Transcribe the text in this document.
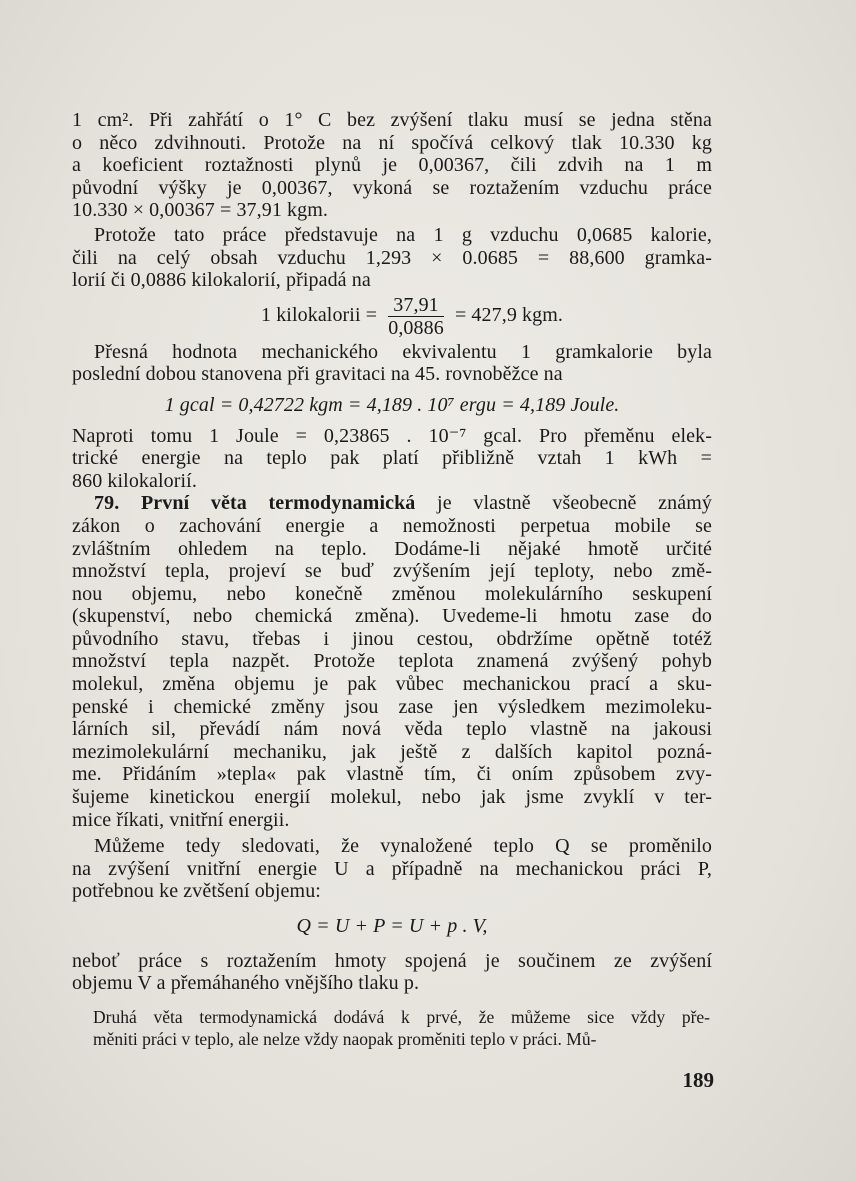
1 cm². Při zahřátí o 1° C bez zvýšení tlaku musí se jedna stěna
o něco zdvihnouti. Protože na ní spočívá celkový tlak 10.330 kg
a koeficient roztažnosti plynů je 0,00367, čili zdvih na 1 m
původní výšky je 0,00367, vykoná se roztažením vzduchu práce
10.330 × 0,00367 = 37,91 kgm.
Protože tato práce představuje na 1 g vzduchu 0,0685 kalorie,
čili na celý obsah vzduchu 1,293 × 0.0685 = 88,600 gramka-
lorií či 0,0886 kilokalorií, připadá na
1 kilokalorii = $\frac{37,91}{0,0886} = 427,9$ kgm.
Přesná hodnota mechanického ekvivalentu 1 gramkalorie byla
poslední dobou stanovena při gravitaci na 45. rovnoběžce na
1 gcal = 0,42722 kgm = 4,189 . 10⁷ ergu = 4,189 Joule.
Naproti tomu 1 Joule = 0,23865 . 10⁻⁷ gcal. Pro přeměnu elek-
trické energie na teplo pak platí přibližně vztah 1 kWh =
860 kilokalorií.
79. První věta termodynamická je vlastně všeobecně známý
zákon o zachování energie a nemožnosti perpetua mobile se
zvláštním ohledem na teplo. Dodáme-li nějaké hmotě určité
množství tepla, projeví se buď zvýšením její teploty, nebo změ-
nou objemu, nebo konečně změnou molekulárního seskupení
(skupenství, nebo chemická změna). Uvedeme-li hmotu zase do
původního stavu, třebas i jinou cestou, obdržíme opětně totéž
množství tepla nazpět. Protože teplota znamená zvýšený pohyb
molekul, změna objemu je pak vůbec mechanickou prací a sku-
penské i chemické změny jsou zase jen výsledkem mezimoleku-
lárních sil, převádí nám nová věda teplo vlastně na jakousi
mezimolekulární mechaniku, jak ještě z dalších kapitol pozná-
me. Přidáním »tepla« pak vlastně tím, či oním způsobem zvy-
šujeme kinetickou energií molekul, nebo jak jsme zvyklí v ter-
mice říkati, vnitřní energii.
Můžeme tedy sledovati, že vynaložené teplo Q se proměnilo
na zvýšení vnitřní energie U a případně na mechanickou práci P,
potřebnou ke zvětšení objemu:
Q = U + P = U + p . V,
neboť práce s roztažením hmoty spojená je součinem ze zvýšení
objemu V a přemáhaného vnějšího tlaku p.
Druhá věta termodynamická dodává k prvé, že můžeme sice vždy pře-
měniti práci v teplo, ale nelze vždy naopak proměniti teplo v práci. Mů-
189
